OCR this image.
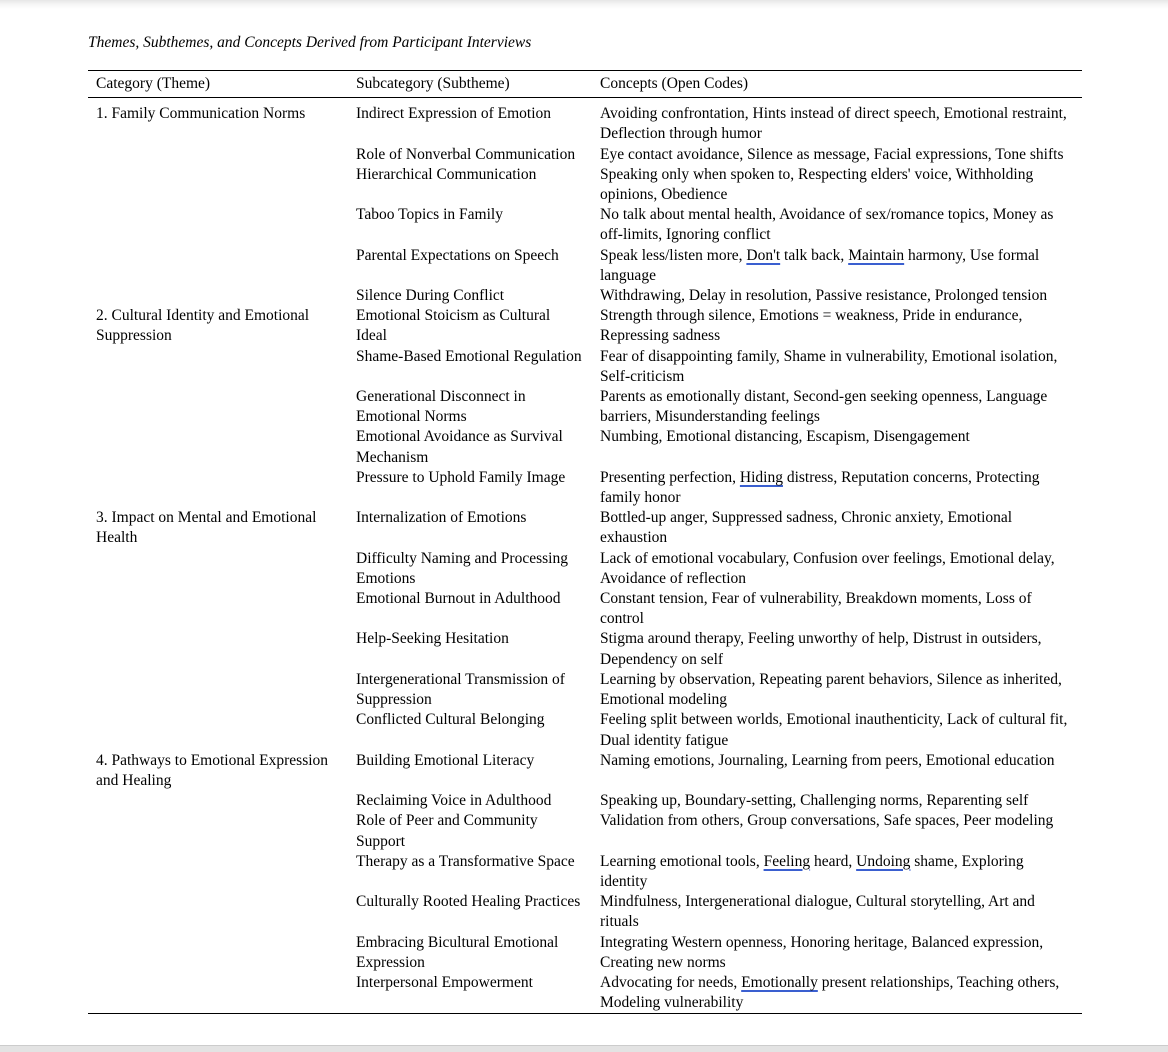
Themes, Subthemes, and Concepts Derived from Participant Interviews

Category (Theme)	Subcategory (Subtheme)	Concepts (Open Codes)
1. Family Communication Norms	Indirect Expression of Emotion	Avoiding confrontation, Hints instead of direct speech, Emotional restraint, Deflection through humor
	Role of Nonverbal Communication	Eye contact avoidance, Silence as message, Facial expressions, Tone shifts
	Hierarchical Communication	Speaking only when spoken to, Respecting elders' voice, Withholding opinions, Obedience
	Taboo Topics in Family	No talk about mental health, Avoidance of sex/romance topics, Money as off-limits, Ignoring conflict
	Parental Expectations on Speech	Speak less/listen more, Don't talk back, Maintain harmony, Use formal language
	Silence During Conflict	Withdrawing, Delay in resolution, Passive resistance, Prolonged tension
2. Cultural Identity and Emotional Suppression	Emotional Stoicism as Cultural Ideal	Strength through silence, Emotions = weakness, Pride in endurance, Repressing sadness
	Shame-Based Emotional Regulation	Fear of disappointing family, Shame in vulnerability, Emotional isolation, Self-criticism
	Generational Disconnect in Emotional Norms	Parents as emotionally distant, Second-gen seeking openness, Language barriers, Misunderstanding feelings
	Emotional Avoidance as Survival Mechanism	Numbing, Emotional distancing, Escapism, Disengagement
	Pressure to Uphold Family Image	Presenting perfection, Hiding distress, Reputation concerns, Protecting family honor
3. Impact on Mental and Emotional Health	Internalization of Emotions	Bottled-up anger, Suppressed sadness, Chronic anxiety, Emotional exhaustion
	Difficulty Naming and Processing Emotions	Lack of emotional vocabulary, Confusion over feelings, Emotional delay, Avoidance of reflection
	Emotional Burnout in Adulthood	Constant tension, Fear of vulnerability, Breakdown moments, Loss of control
	Help-Seeking Hesitation	Stigma around therapy, Feeling unworthy of help, Distrust in outsiders, Dependency on self
	Intergenerational Transmission of Suppression	Learning by observation, Repeating parent behaviors, Silence as inherited, Emotional modeling
	Conflicted Cultural Belonging	Feeling split between worlds, Emotional inauthenticity, Lack of cultural fit, Dual identity fatigue
4. Pathways to Emotional Expression and Healing	Building Emotional Literacy	Naming emotions, Journaling, Learning from peers, Emotional education
	Reclaiming Voice in Adulthood	Speaking up, Boundary-setting, Challenging norms, Reparenting self
	Role of Peer and Community Support	Validation from others, Group conversations, Safe spaces, Peer modeling
	Therapy as a Transformative Space	Learning emotional tools, Feeling heard, Undoing shame, Exploring identity
	Culturally Rooted Healing Practices	Mindfulness, Intergenerational dialogue, Cultural storytelling, Art and rituals
	Embracing Bicultural Emotional Expression	Integrating Western openness, Honoring heritage, Balanced expression, Creating new norms
	Interpersonal Empowerment	Advocating for needs, Emotionally present relationships, Teaching others, Modeling vulnerability
